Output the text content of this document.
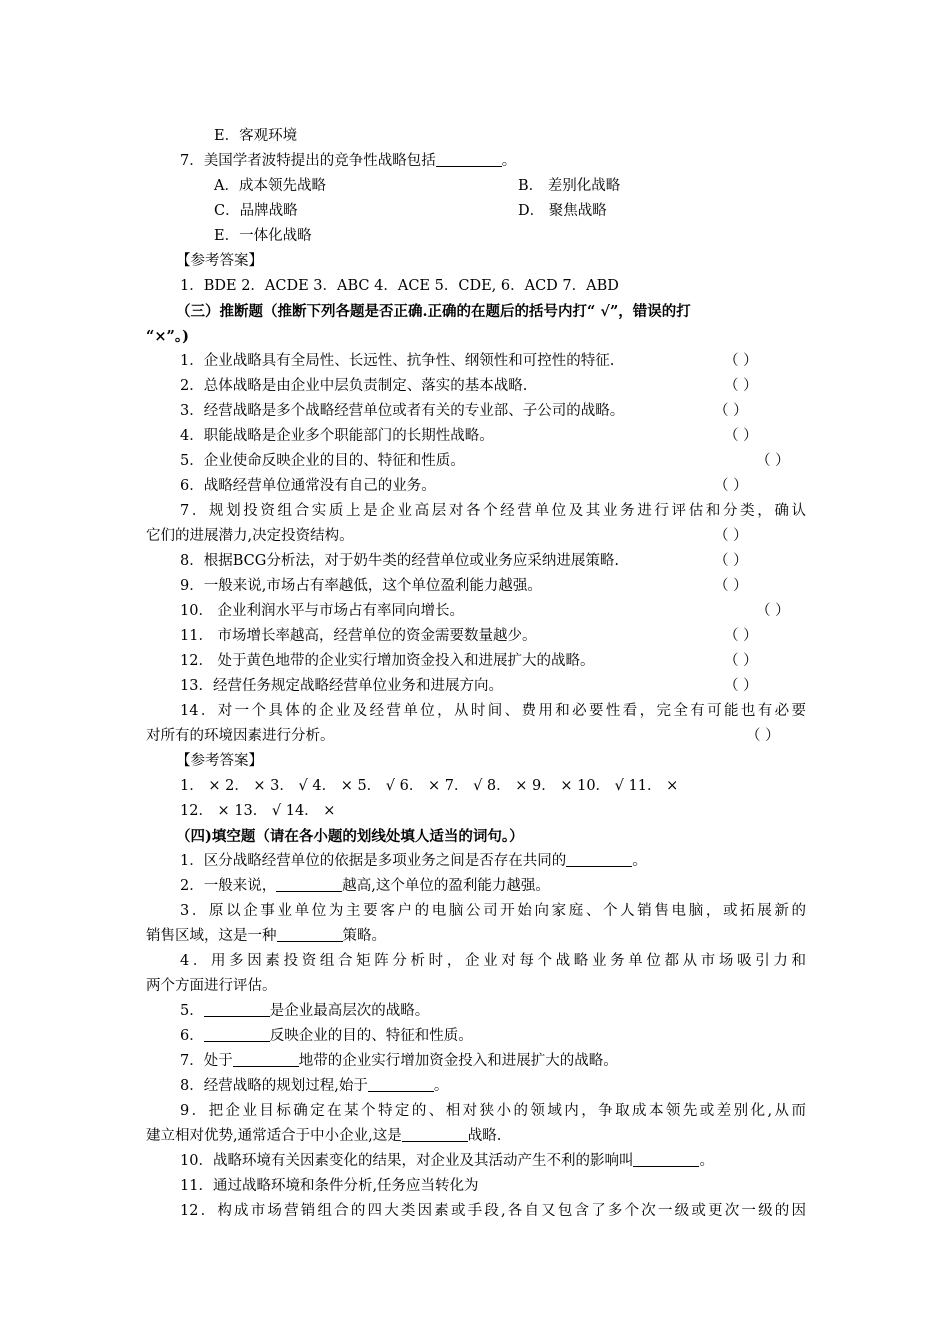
E．客观环境
7．美国学者波特提出的竞争性战略包括	。
A．成本领先战略	B． 差别化战略
C．品牌战略	D． 聚焦战略
E．一体化战略
【参考答案】
1．BDE 2．ACDE 3．ABC 4．ACE 5．CDE, 6．ACD 7．ABD
（三）推断题（推断下列各题是否正确.正确的在题后的括号内打“ √”，错误的打
“×”。)
1．企业战略具有全局性、长远性、抗争性、纲领性和可控性的特征.	（ ）
2．总体战略是由企业中层负责制定、落实的基本战略.	（ ）
3．经营战略是多个战略经营单位或者有关的专业部、子公司的战略。	（ ）
4．职能战略是企业多个职能部门的长期性战略。	（ ）
5．企业使命反映企业的目的、特征和性质。	（ ）
6．战略经营单位通常没有自己的业务。	（ ）
7．规划投资组合实质上是企业高层对各个经营单位及其业务进行评估和分类，确认
它们的进展潜力,决定投资结构。	（ ）
8．根据BCG分析法，对于奶牛类的经营单位或业务应采纳进展策略.	（ ）
9．一般来说,市场占有率越低，这个单位盈利能力越强。	（ ）
10． 企业利润水平与市场占有率同向增长。	（ ）
11． 市场增长率越高，经营单位的资金需要数量越少。	（ ）
12． 处于黄色地带的企业实行增加资金投入和进展扩大的战略。	（ ）
13．经营任务规定战略经营单位业务和进展方向。	（ ）
14．对一个具体的企业及经营单位，从时间、费用和必要性看，完全有可能也有必要
对所有的环境因素进行分析。	（ ）
【参考答案】
1． × 2． × 3． √ 4． × 5． √ 6． × 7． √ 8． × 9． × 10． √ 11． ×
12． × 13． √ 14． ×
（四)填空题（请在各小题的划线处填人适当的词句。）
1．区分战略经营单位的依据是多项业务之间是否存在共同的	。
2．一般来说，	越高,这个单位的盈利能力越强。
3．原以企事业单位为主要客户的电脑公司开始向家庭、个人销售电脑，或拓展新的
销售区域，这是一种	策略。
4．用多因素投资组合矩阵分析时，企业对每个战略业务单位都从市场吸引力和
两个方面进行评估。
5．	是企业最高层次的战略。
6．	反映企业的目的、特征和性质。
7．处于	地带的企业实行增加资金投入和进展扩大的战略。
8．经营战略的规划过程,始于	。
9．把企业目标确定在某个特定的、相对狭小的领域内，争取成本领先或差别化,从而
建立相对优势,通常适合于中小企业,这是	战略.
10．战略环境有关因素变化的结果，对企业及其活动产生不利的影响叫	。
11．通过战略环境和条件分析,任务应当转化为
12．构成市场营销组合的四大类因素或手段,各自又包含了多个次一级或更次一级的因
